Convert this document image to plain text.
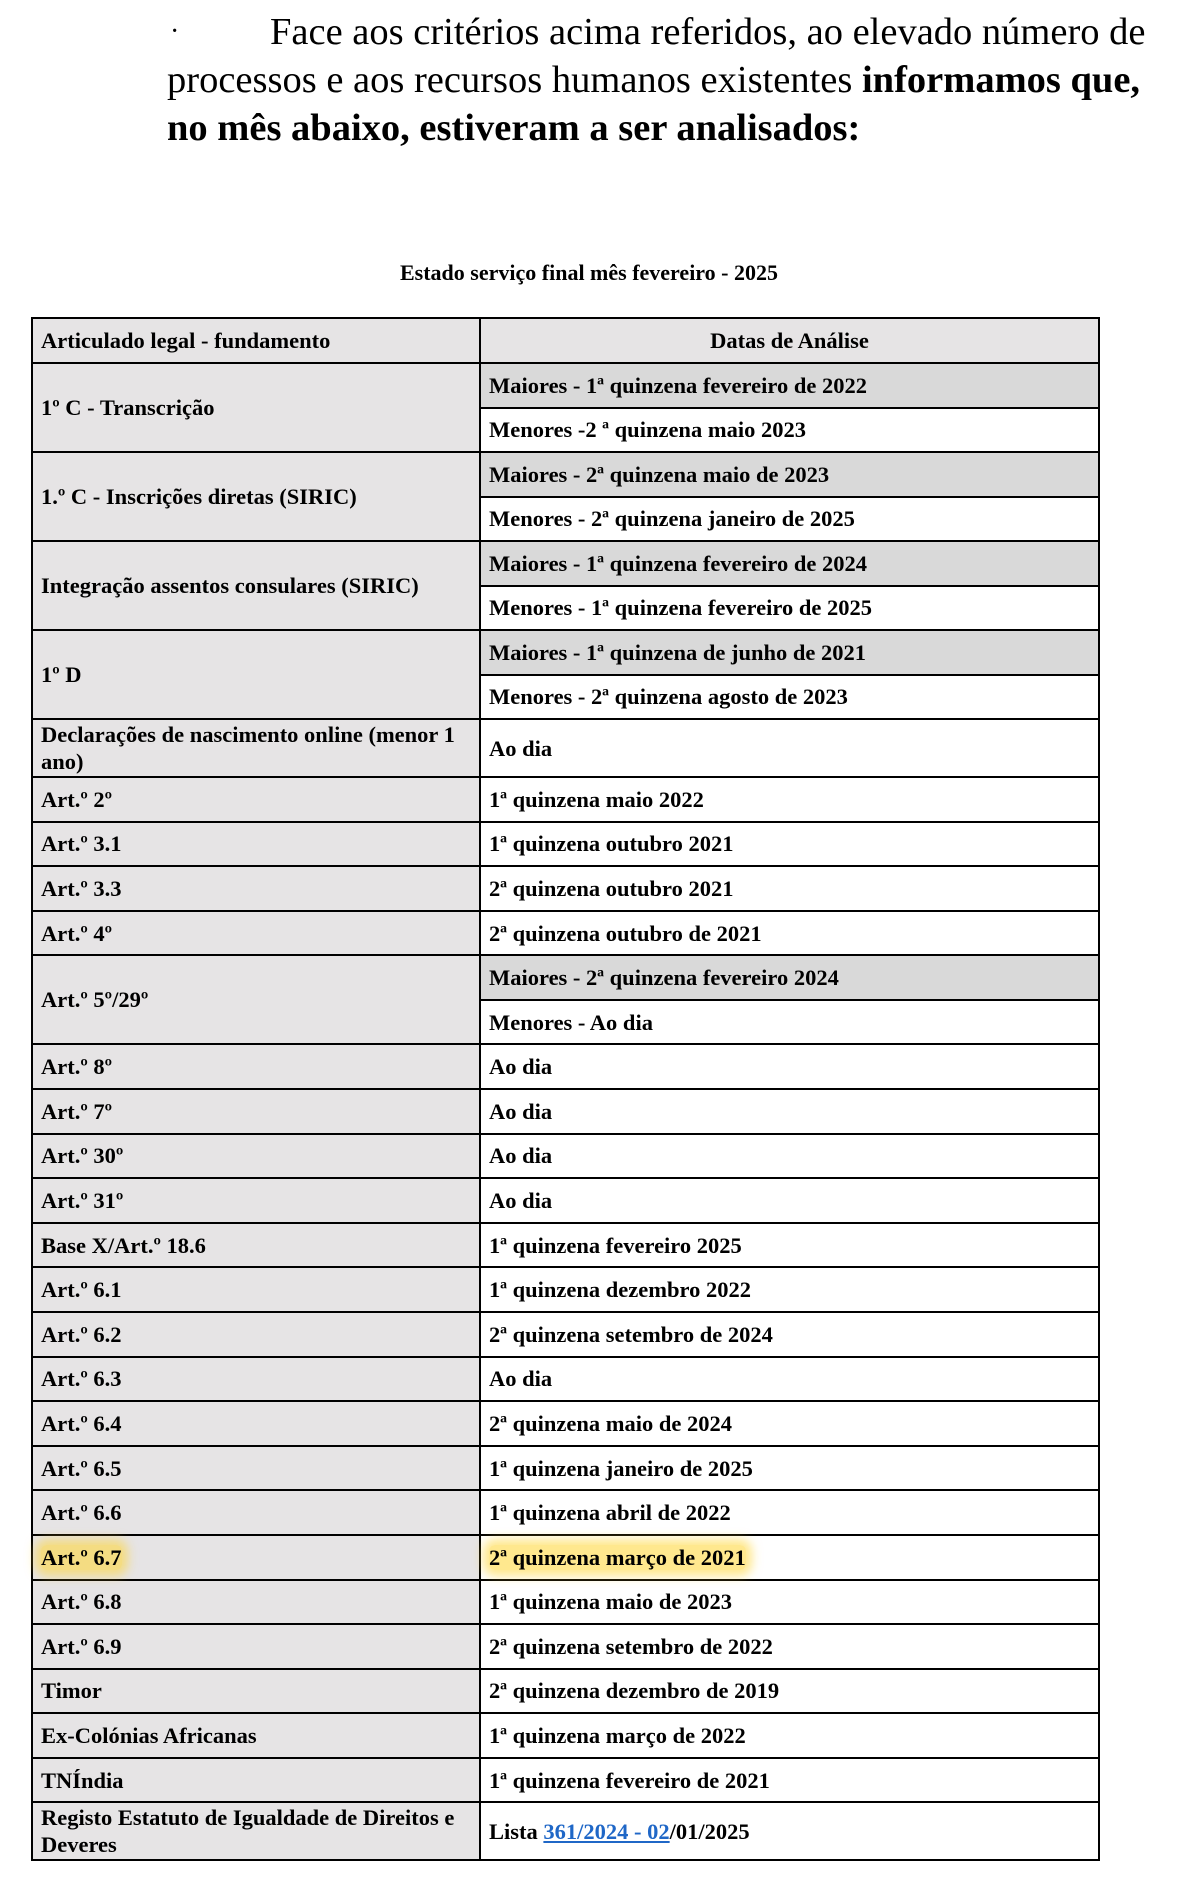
· Face aos critérios acima referidos, ao elevado número de processos e aos recursos humanos existentes informamos que, no mês abaixo, estiveram a ser analisados:
Estado serviço final mês fevereiro - 2025
Articulado legal - fundamento	Datas de Análise
1º C - Transcrição	Maiores - 1ª quinzena fevereiro de 2022
	Menores -2 ª quinzena maio 2023
1.º C - Inscrições diretas (SIRIC)	Maiores - 2ª quinzena maio de 2023
	Menores - 2ª quinzena janeiro de 2025
Integração assentos consulares (SIRIC)	Maiores - 1ª quinzena fevereiro de 2024
	Menores - 1ª quinzena fevereiro de 2025
1º D	Maiores - 1ª quinzena de junho de 2021
	Menores - 2ª quinzena agosto de 2023
Declarações de nascimento online (menor 1 ano)	Ao dia
Art.º 2º	1ª quinzena maio 2022
Art.º 3.1	1ª quinzena outubro 2021
Art.º 3.3	2ª quinzena outubro 2021
Art.º 4º	2ª quinzena outubro de 2021
Art.º 5º/29º	Maiores - 2ª quinzena fevereiro 2024
	Menores - Ao dia
Art.º 8º	Ao dia
Art.º 7º	Ao dia
Art.º 30º	Ao dia
Art.º 31º	Ao dia
Base X/Art.º 18.6	1ª quinzena fevereiro 2025
Art.º 6.1	1ª quinzena dezembro 2022
Art.º 6.2	2ª quinzena setembro de 2024
Art.º 6.3	Ao dia
Art.º 6.4	2ª quinzena maio de 2024
Art.º 6.5	1ª quinzena janeiro de 2025
Art.º 6.6	1ª quinzena abril de 2022
Art.º 6.7	2ª quinzena março de 2021
Art.º 6.8	1ª quinzena maio de 2023
Art.º 6.9	2ª quinzena setembro de 2022
Timor	2ª quinzena dezembro de 2019
Ex-Colónias Africanas	1ª quinzena março de 2022
TNÍndia	1ª quinzena fevereiro de 2021
Registo Estatuto de Igualdade de Direitos e Deveres	Lista 361/2024 - 02/01/2025
